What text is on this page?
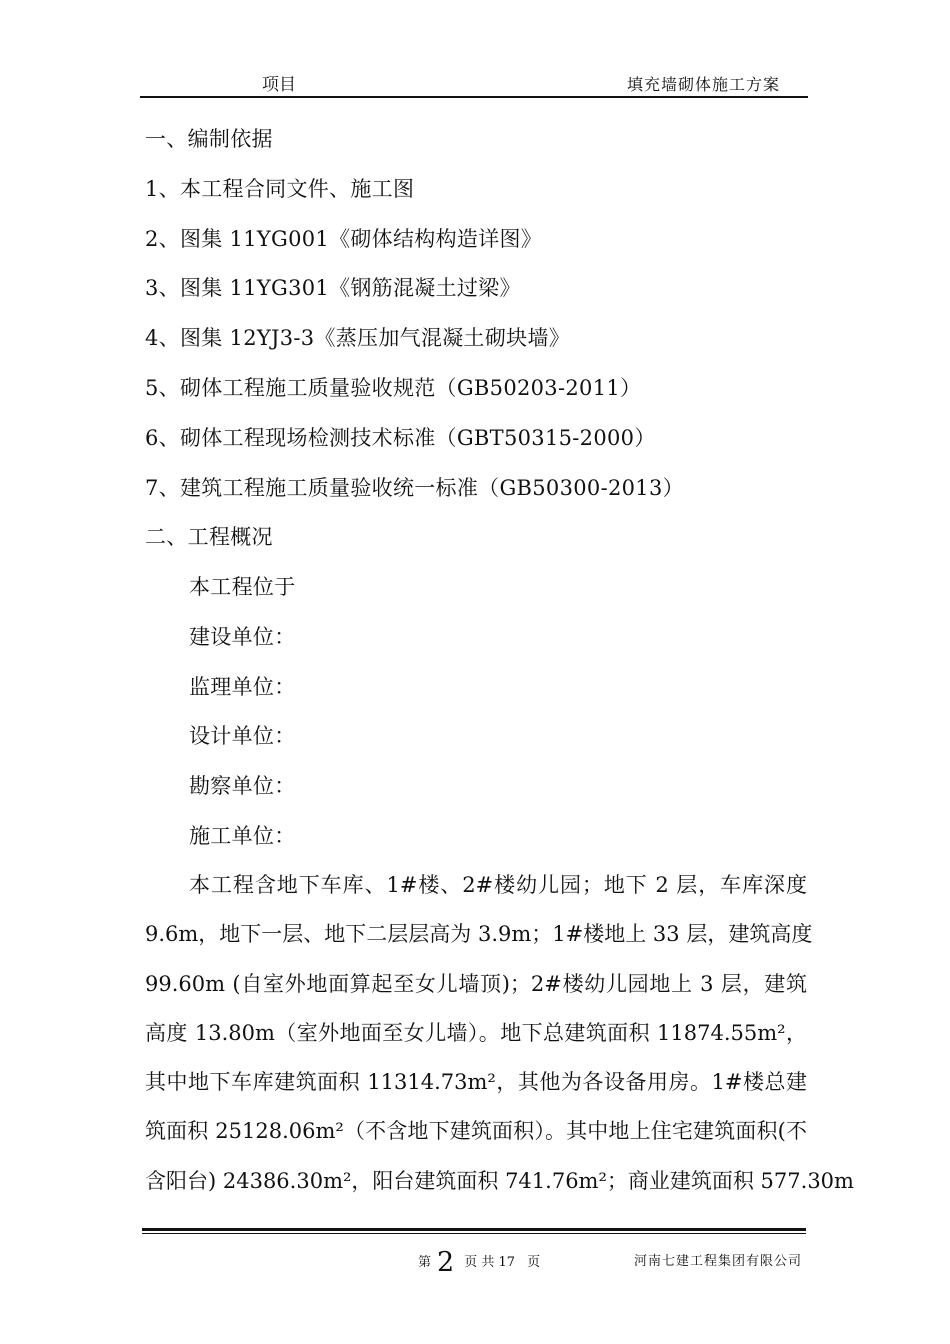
项目	填充墙砌体施工方案
一、编制依据
1、本工程合同文件、施工图
2、图集 11YG001《砌体结构构造详图》
3、图集 11YG301《钢筋混凝土过梁》
4、图集 12YJ3-3《蒸压加气混凝土砌块墙》
5、砌体工程施工质量验收规范（GB50203-2011）
6、砌体工程现场检测技术标准（GBT50315-2000）
7、建筑工程施工质量验收统一标准（GB50300-2013）
二、工程概况
本工程位于
建设单位：
监理单位：
设计单位：
勘察单位：
施工单位：
本工程含地下车库、1#楼、2#楼幼儿园；地下 2 层，车库深度
9.6m，地下一层、地下二层层高为 3.9m；1#楼地上 33 层，建筑高度
99.60m (自室外地面算起至女儿墙顶)；2#楼幼儿园地上 3 层，建筑
高度 13.80m（室外地面至女儿墙）。地下总建筑面积 11874.55m²，
其中地下车库建筑面积 11314.73m²，其他为各设备用房。1#楼总建
筑面积 25128.06m²（不含地下建筑面积）。其中地上住宅建筑面积(不
含阳台) 24386.30m²，阳台建筑面积 741.76m²；商业建筑面积 577.30m
第 2 页 共 17 页	河南七建工程集团有限公司
